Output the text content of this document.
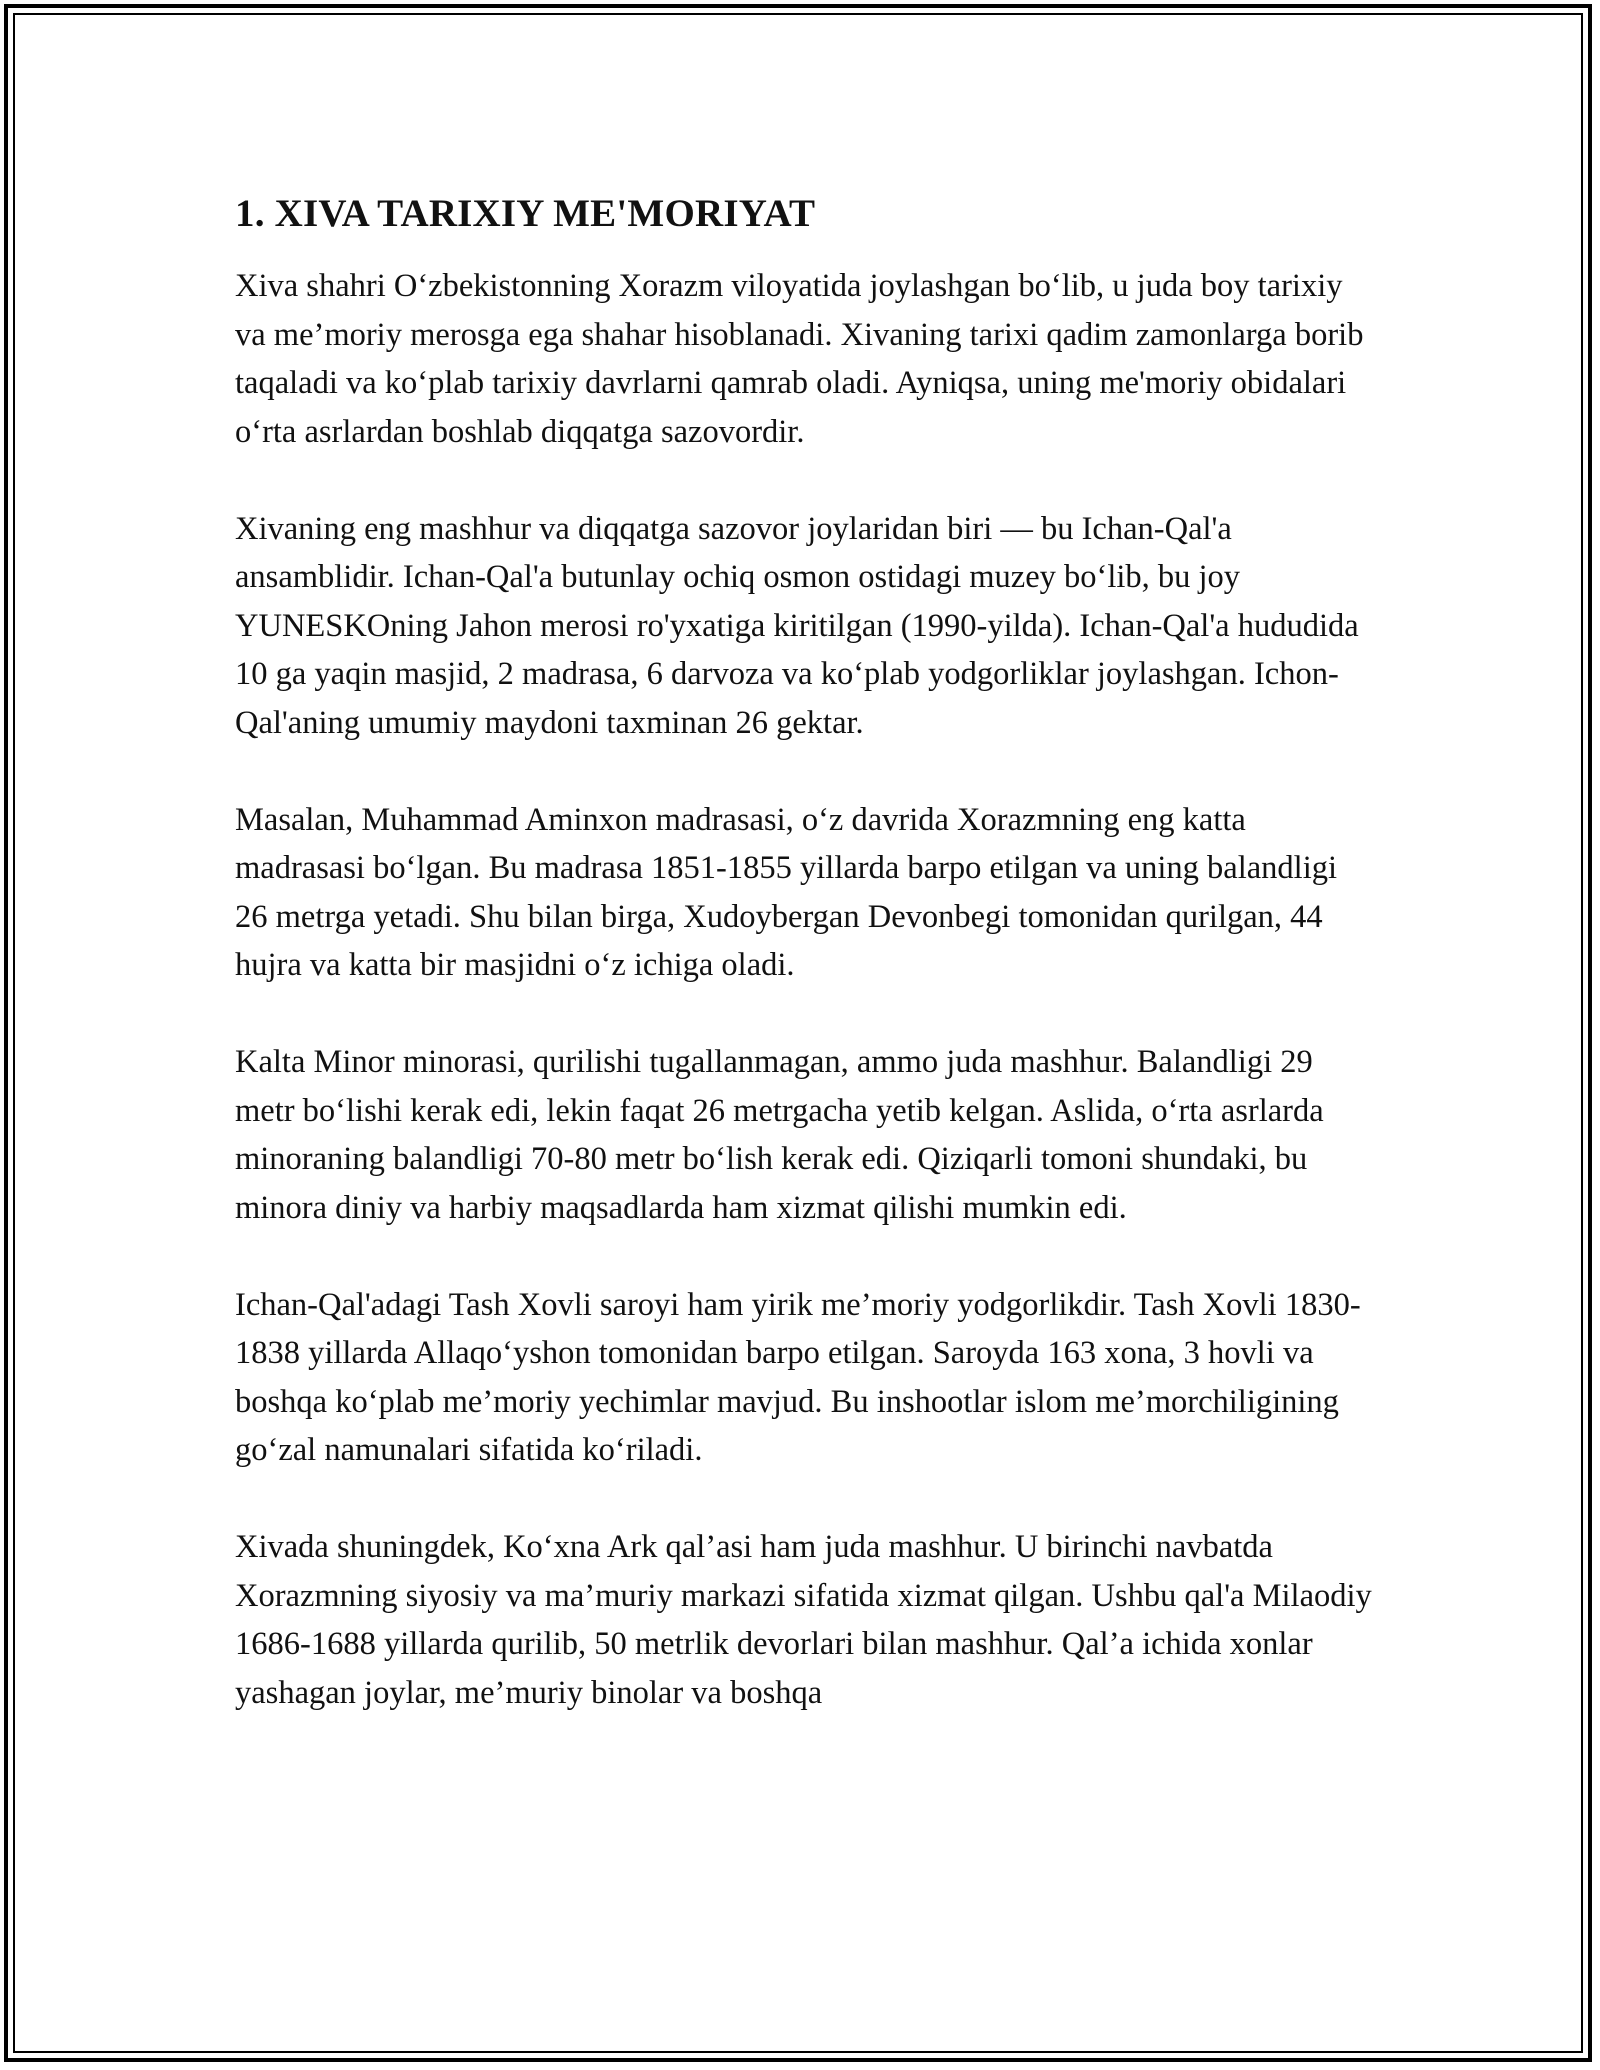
1. XIVA TARIXIY ME'MORIYAT

Xiva shahri O‘zbekistonning Xorazm viloyatida joylashgan bo‘lib, u juda boy tarixiy va me’moriy merosga ega shahar hisoblanadi. Xivaning tarixi qadim zamonlarga borib taqaladi va ko‘plab tarixiy davrlarni qamrab oladi. Ayniqsa, uning me'moriy obidalari o‘rta asrlardan boshlab diqqatga sazovordir.

Xivaning eng mashhur va diqqatga sazovor joylaridan biri — bu Ichan-Qal'a ansamblidir. Ichan-Qal'a butunlay ochiq osmon ostidagi muzey bo‘lib, bu joy YUNESKOning Jahon merosi ro'yxatiga kiritilgan (1990-yilda). Ichan-Qal'a hududida 10 ga yaqin masjid, 2 madrasa, 6 darvoza va ko‘plab yodgorliklar joylashgan. Ichon-Qal'aning umumiy maydoni taxminan 26 gektar.

Masalan, Muhammad Aminxon madrasasi, o‘z davrida Xorazmning eng katta madrasasi bo‘lgan. Bu madrasa 1851-1855 yillarda barpo etilgan va uning balandligi 26 metrga yetadi. Shu bilan birga, Xudoybergan Devonbegi tomonidan qurilgan, 44 hujra va katta bir masjidni o‘z ichiga oladi.

Kalta Minor minorasi, qurilishi tugallanmagan, ammo juda mashhur. Balandligi 29 metr bo‘lishi kerak edi, lekin faqat 26 metrgacha yetib kelgan. Aslida, o‘rta asrlarda minoraning balandligi 70-80 metr bo‘lish kerak edi. Qiziqarli tomoni shundaki, bu minora diniy va harbiy maqsadlarda ham xizmat qilishi mumkin edi.

Ichan-Qal'adagi Tash Xovli saroyi ham yirik me’moriy yodgorlikdir. Tash Xovli 1830-1838 yillarda Allaqo‘yshon tomonidan barpo etilgan. Saroyda 163 xona, 3 hovli va boshqa ko‘plab me’moriy yechimlar mavjud. Bu inshootlar islom me’morchiligining go‘zal namunalari sifatida ko‘riladi.

Xivada shuningdek, Ko‘xna Ark qal’asi ham juda mashhur. U birinchi navbatda Xorazmning siyosiy va ma’muriy markazi sifatida xizmat qilgan. Ushbu qal'a Milaodiy 1686-1688 yillarda qurilib, 50 metrlik devorlari bilan mashhur. Qal’a ichida xonlar yashagan joylar, me’muriy binolar va boshqa
